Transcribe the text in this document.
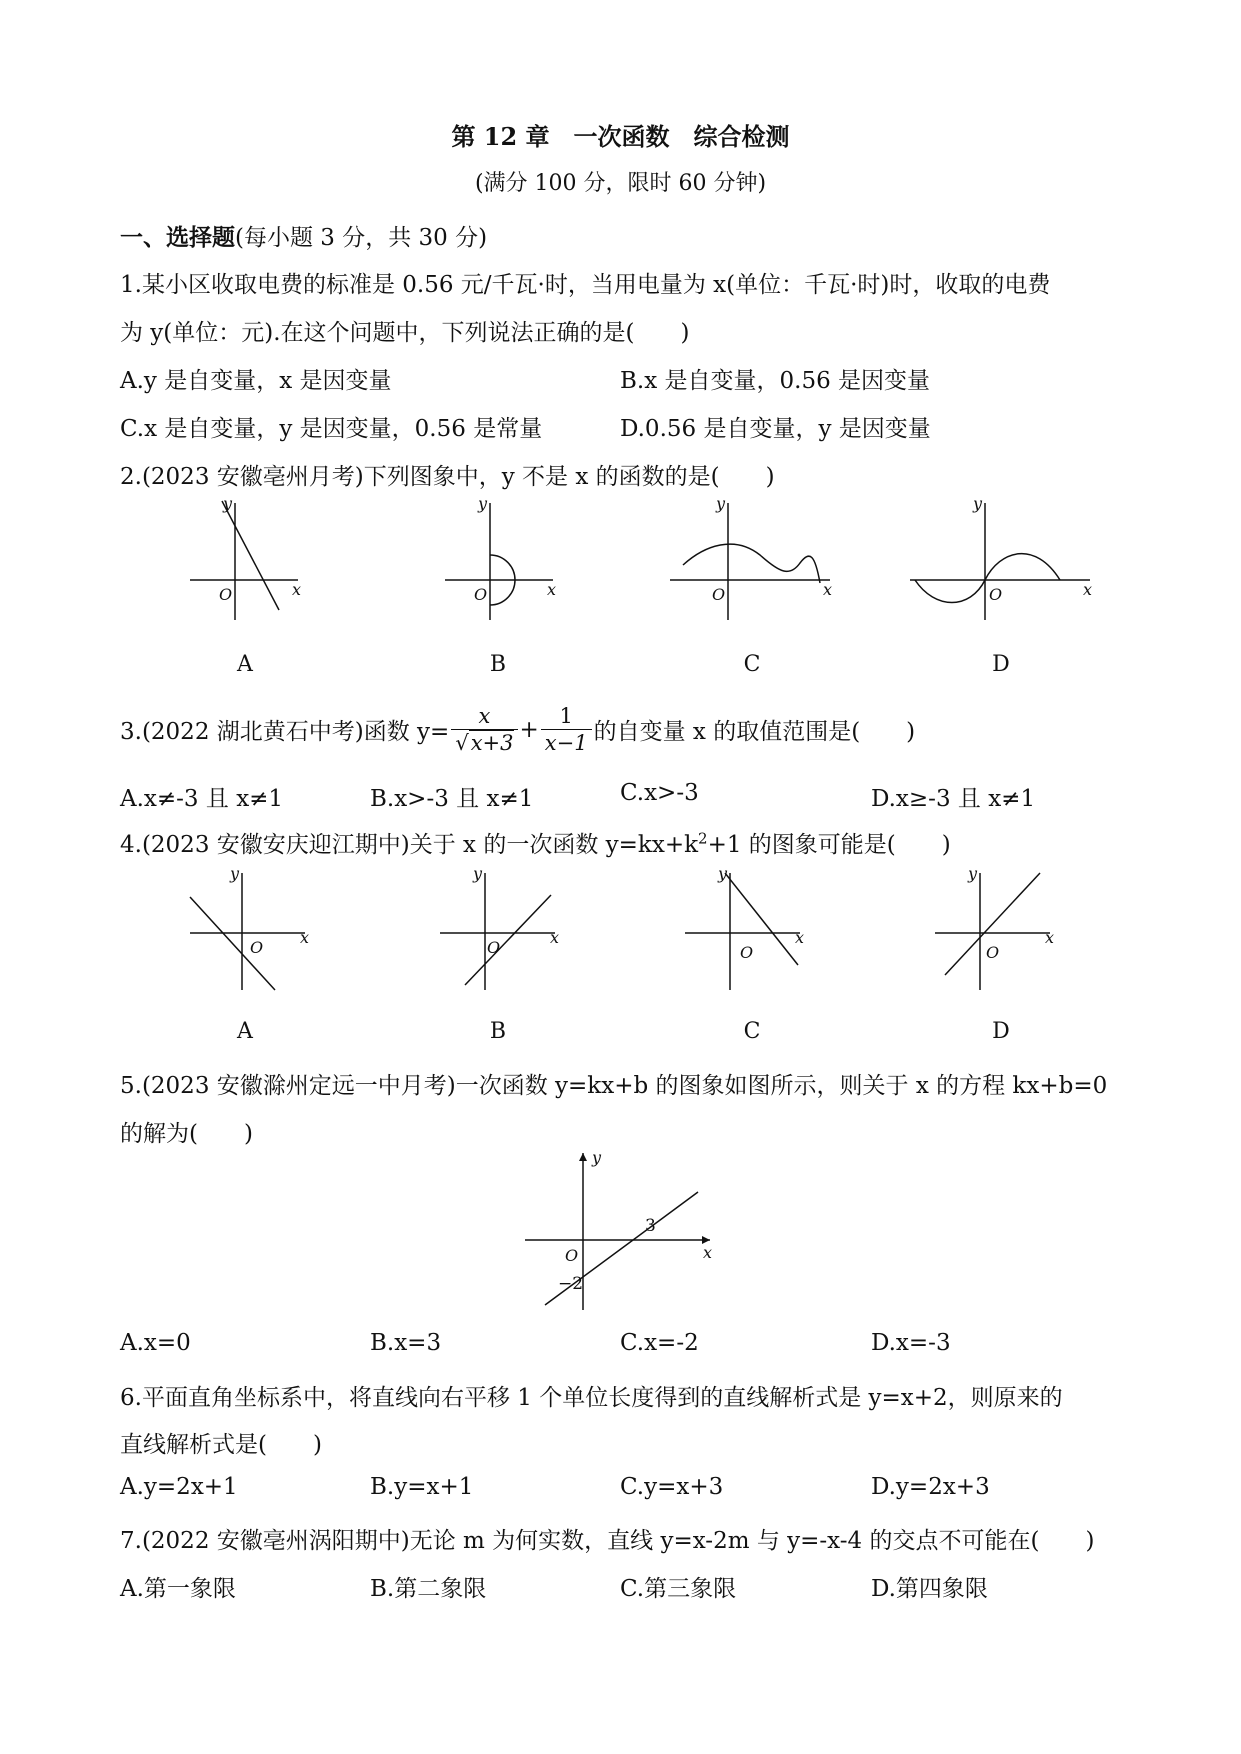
第 12 章　一次函数　综合检测
(满分 100 分，限时 60 分钟)
一、选择题(每小题 3 分，共 30 分)
1.某小区收取电费的标准是 0.56 元/千瓦·时，当用电量为 x(单位：千瓦·时)时，收取的电费
为 y(单位：元).在这个问题中，下列说法正确的是(　　)
A.y 是自变量，x 是因变量	B.x 是自变量，0.56 是因变量
C.x 是自变量，y 是因变量，0.56 是常量	D.0.56 是自变量，y 是因变量
2.(2023 安徽亳州月考)下列图象中，y 不是 x 的函数的是(　　)
x
y
O
A
x
y
O
B
x
y
O
C
x
y
O
D
3.(2022 湖北黄石中考)函数 $y= \frac{x}{√x+3} + \frac{1}{x-1}$ 的自变量 x 的取值范围是(　　)
A.x≠-3 且 x≠1	B.x>-3 且 x≠1	C.x>-3	D.x≥-3 且 x≠1
4.(2023 安徽安庆迎江期中)关于 x 的一次函数 $y=kx+k^2+1$ 的图象可能是(　　)
x
y
O
A
x
y
O
B
x
y
O
C
x
y
O
D
5.(2023 安徽滁州定远一中月考)一次函数 y=kx+b 的图象如图所示，则关于 x 的方程 kx+b=0
的解为(　　)
x
y
O
3
−2
A.x=0	B.x=3	C.x=-2	D.x=-3
6.平面直角坐标系中，将直线向右平移 1 个单位长度得到的直线解析式是 y=x+2，则原来的
直线解析式是(　　)
A.y=2x+1	B.y=x+1	C.y=x+3	D.y=2x+3
7.(2022 安徽亳州涡阳期中)无论 m 为何实数，直线 y=x-2m 与 y=-x-4 的交点不可能在(　　)
A.第一象限	B.第二象限	C.第三象限	D.第四象限
